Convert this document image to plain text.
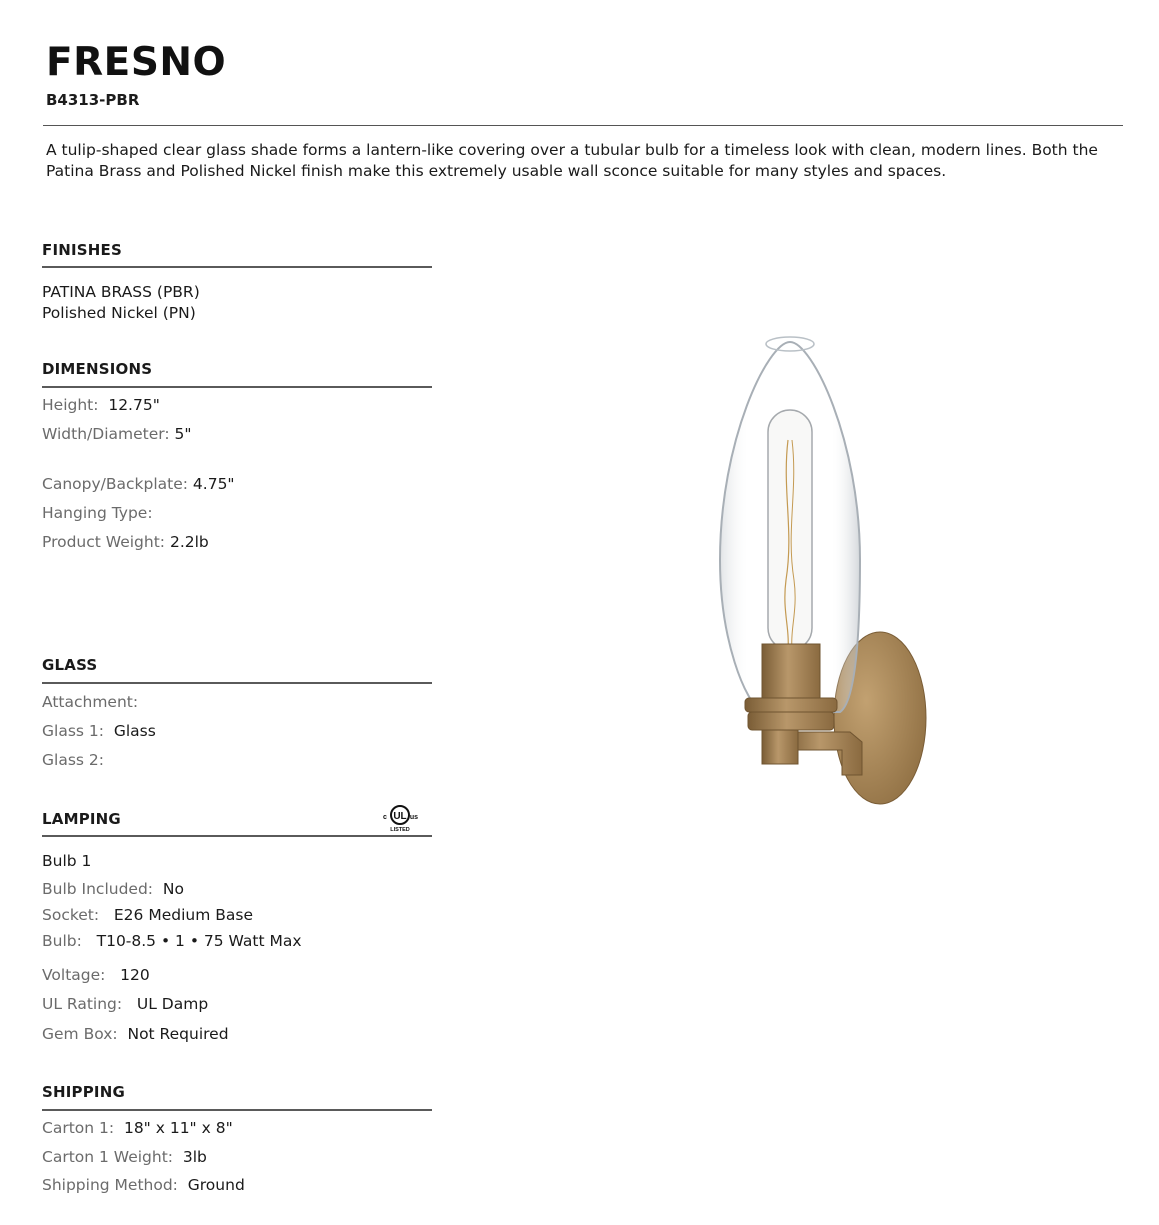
FRESNO
B4313-PBR
A tulip-shaped clear glass shade forms a lantern-like covering over a tubular bulb for a timeless look with clean, modern lines. Both the Patina Brass and Polished Nickel finish make this extremely usable wall sconce suitable for many styles and spaces.
FINISHES
PATINA BRASS (PBR)
Polished Nickel (PN)
DIMENSIONS
Height: 12.75"
Width/Diameter: 5"
Canopy/Backplate: 4.75"
Hanging Type:
Product Weight: 2.2lb
GLASS
Attachment:
Glass 1: Glass
Glass 2:
LAMPING	UL
c	us
LISTED
Bulb 1
Bulb Included: No
Socket: E26 Medium Base
Bulb: T10-8.5 • 1 • 75 Watt Max
Voltage: 120
UL Rating: UL Damp
Gem Box: Not Required
SHIPPING
Carton 1: 18" x 11" x 8"
Carton 1 Weight: 3lb
Shipping Method: Ground
